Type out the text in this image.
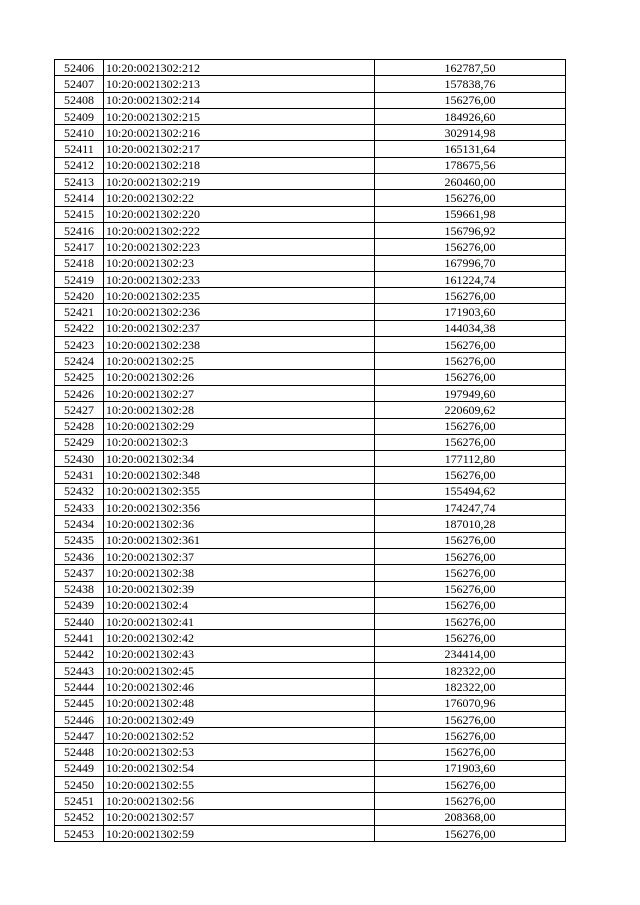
52406	10:20:0021302:212	162787,50
52407	10:20:0021302:213	157838,76
52408	10:20:0021302:214	156276,00
52409	10:20:0021302:215	184926,60
52410	10:20:0021302:216	302914,98
52411	10:20:0021302:217	165131,64
52412	10:20:0021302:218	178675,56
52413	10:20:0021302:219	260460,00
52414	10:20:0021302:22	156276,00
52415	10:20:0021302:220	159661,98
52416	10:20:0021302:222	156796,92
52417	10:20:0021302:223	156276,00
52418	10:20:0021302:23	167996,70
52419	10:20:0021302:233	161224,74
52420	10:20:0021302:235	156276,00
52421	10:20:0021302:236	171903,60
52422	10:20:0021302:237	144034,38
52423	10:20:0021302:238	156276,00
52424	10:20:0021302:25	156276,00
52425	10:20:0021302:26	156276,00
52426	10:20:0021302:27	197949,60
52427	10:20:0021302:28	220609,62
52428	10:20:0021302:29	156276,00
52429	10:20:0021302:3	156276,00
52430	10:20:0021302:34	177112,80
52431	10:20:0021302:348	156276,00
52432	10:20:0021302:355	155494,62
52433	10:20:0021302:356	174247,74
52434	10:20:0021302:36	187010,28
52435	10:20:0021302:361	156276,00
52436	10:20:0021302:37	156276,00
52437	10:20:0021302:38	156276,00
52438	10:20:0021302:39	156276,00
52439	10:20:0021302:4	156276,00
52440	10:20:0021302:41	156276,00
52441	10:20:0021302:42	156276,00
52442	10:20:0021302:43	234414,00
52443	10:20:0021302:45	182322,00
52444	10:20:0021302:46	182322,00
52445	10:20:0021302:48	176070,96
52446	10:20:0021302:49	156276,00
52447	10:20:0021302:52	156276,00
52448	10:20:0021302:53	156276,00
52449	10:20:0021302:54	171903,60
52450	10:20:0021302:55	156276,00
52451	10:20:0021302:56	156276,00
52452	10:20:0021302:57	208368,00
52453	10:20:0021302:59	156276,00
